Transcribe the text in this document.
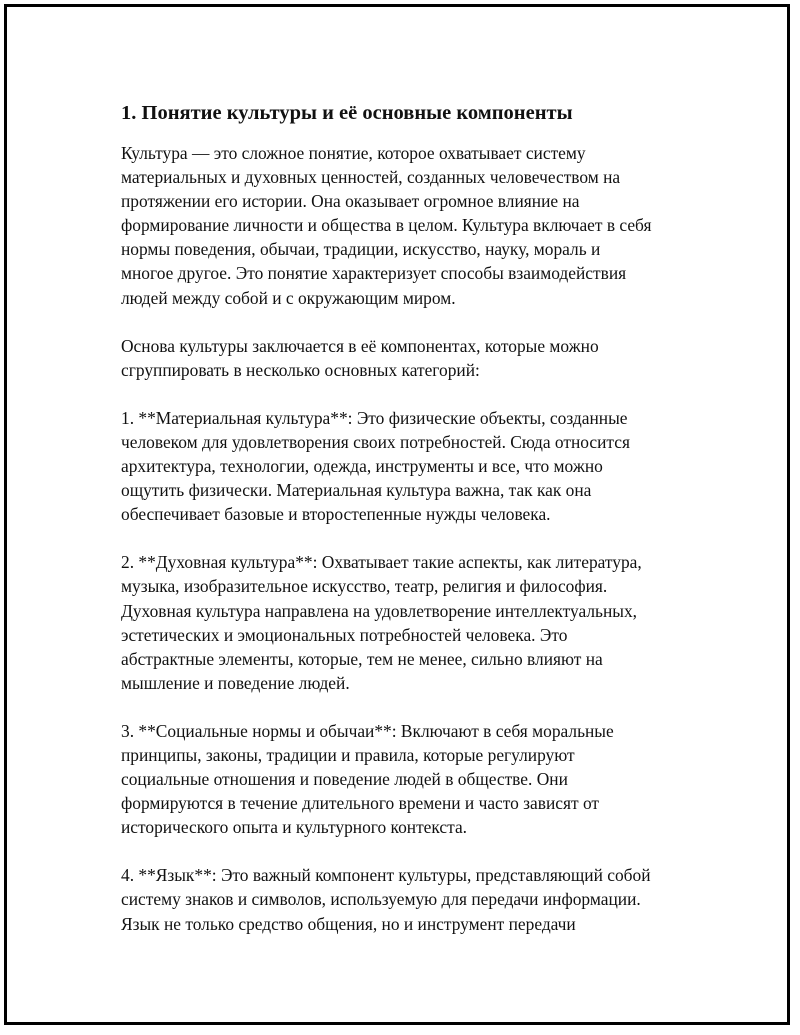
1. Понятие культуры и её основные компоненты
Культура — это сложное понятие, которое охватывает систему
материальных и духовных ценностей, созданных человечеством на
протяжении его истории. Она оказывает огромное влияние на
формирование личности и общества в целом. Культура включает в себя
нормы поведения, обычаи, традиции, искусство, науку, мораль и
многое другое. Это понятие характеризует способы взаимодействия
людей между собой и с окружающим миром.
Основа культуры заключается в её компонентах, которые можно
сгруппировать в несколько основных категорий:
1. **Материальная культура**: Это физические объекты, созданные
человеком для удовлетворения своих потребностей. Сюда относится
архитектура, технологии, одежда, инструменты и все, что можно
ощутить физически. Материальная культура важна, так как она
обеспечивает базовые и второстепенные нужды человека.
2. **Духовная культура**: Охватывает такие аспекты, как литература,
музыка, изобразительное искусство, театр, религия и философия.
Духовная культура направлена на удовлетворение интеллектуальных,
эстетических и эмоциональных потребностей человека. Это
абстрактные элементы, которые, тем не менее, сильно влияют на
мышление и поведение людей.
3. **Социальные нормы и обычаи**: Включают в себя моральные
принципы, законы, традиции и правила, которые регулируют
социальные отношения и поведение людей в обществе. Они
формируются в течение длительного времени и часто зависят от
исторического опыта и культурного контекста.
4. **Язык**: Это важный компонент культуры, представляющий собой
систему знаков и символов, используемую для передачи информации.
Язык не только средство общения, но и инструмент передачи
